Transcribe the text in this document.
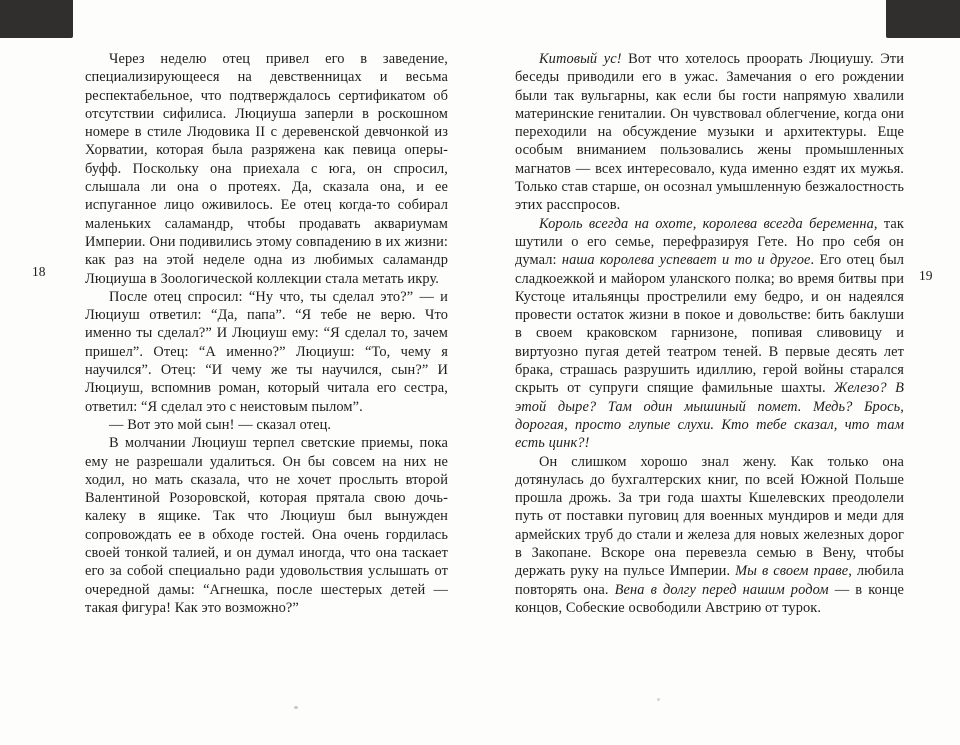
18	19

Через неделю отец привел его в заведение, специализирующееся на девственницах и весьма респектабельное, что подтверждалось сертификатом об отсутствии сифилиса. Люциуша заперли в роскошном номере в стиле Людовика II с деревенской девчонкой из Хорватии, которая была разряжена как певица оперы-буфф. Поскольку она приехала с юга, он спросил, слышала ли она о протеях. Да, сказала она, и ее испуганное лицо оживилось. Ее отец когда-то собирал маленьких саламандр, чтобы продавать аквариумам Империи. Они подивились этому совпадению в их жизни: как раз на этой неделе одна из любимых саламандр Люциуша в Зоологической коллекции стала метать икру.

После отец спросил: “Ну что, ты сделал это?” — и Люциуш ответил: “Да, папа”. “Я тебе не верю. Что именно ты сделал?” И Люциуш ему: “Я сделал то, зачем пришел”. Отец: “А именно?” Люциуш: “То, чему я научился”. Отец: “И чему же ты научился, сын?” И Люциуш, вспомнив роман, который читала его сестра, ответил: “Я сделал это с неистовым пылом”.

— Вот это мой сын! — сказал отец.

В молчании Люциуш терпел светские приемы, пока ему не разрешали удалиться. Он бы совсем на них не ходил, но мать сказала, что не хочет прослыть второй Валентиной Розоровской, которая прятала свою дочь-калеку в ящике. Так что Люциуш был вынужден сопровождать ее в обходе гостей. Она очень гордилась своей тонкой талией, и он думал иногда, что она таскает его за собой специально ради удовольствия услышать от очередной дамы: “Агнешка, после шестерых детей — такая фигура! Как это возможно?”

Китовый ус! Вот что хотелось проорать Люциушу. Эти беседы приводили его в ужас. Замечания о его рождении были так вульгарны, как если бы гости напрямую хвалили материнские гениталии. Он чувствовал облегчение, когда они переходили на обсуждение музыки и архитектуры. Еще особым вниманием пользовались жены промышленных магнатов — всех интересовало, куда именно ездят их мужья. Только став старше, он осознал умышленную безжалостность этих расспросов.

Король всегда на охоте, королева всегда беременна, так шутили о его семье, перефразируя Гете. Но про себя он думал: наша королева успевает и то и другое. Его отец был сладкоежкой и майором уланского полка; во время битвы при Кустоце итальянцы прострелили ему бедро, и он надеялся провести остаток жизни в покое и довольстве: бить баклуши в своем краковском гарнизоне, попивая сливовицу и виртуозно пугая детей театром теней. В первые десять лет брака, страшась разрушить идиллию, герой войны старался скрыть от супруги спящие фамильные шахты. Железо? В этой дыре? Там один мышиный помет. Медь? Брось, дорогая, просто глупые слухи. Кто тебе сказал, что там есть цинк?!

Он слишком хорошо знал жену. Как только она дотянулась до бухгалтерских книг, по всей Южной Польше прошла дрожь. За три года шахты Кшелевских преодолели путь от поставки пуговиц для военных мундиров и меди для армейских труб до стали и железа для новых железных дорог в Закопане. Вскоре она перевезла семью в Вену, чтобы держать руку на пульсе Империи. Мы в своем праве, любила повторять она. Вена в долгу перед нашим родом — в конце концов, Собеские освободили Австрию от турок.
